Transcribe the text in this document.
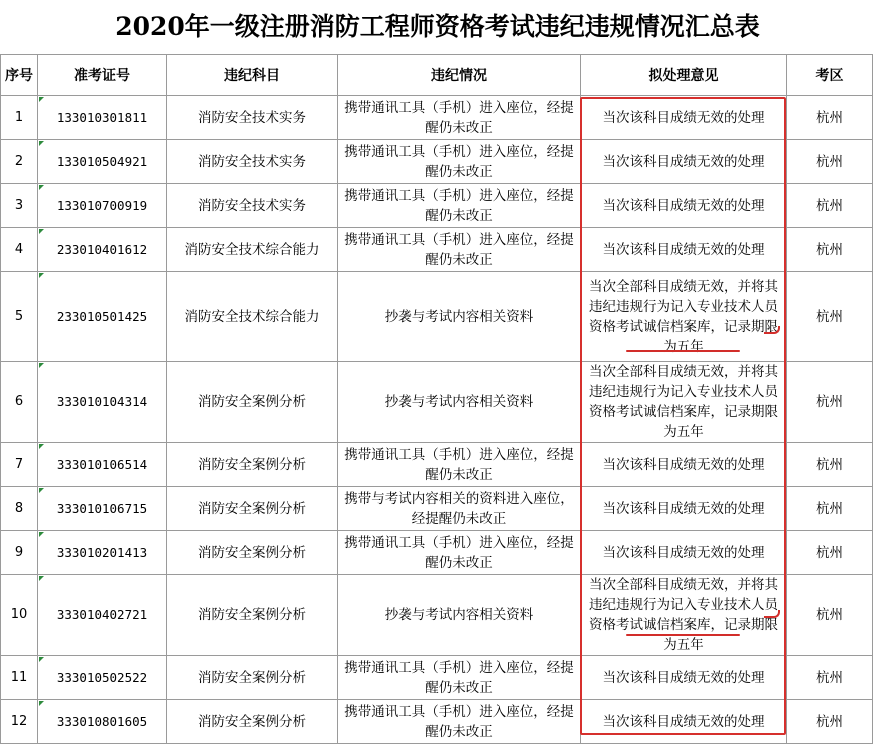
2020年一级注册消防工程师资格考试违纪违规情况汇总表
序号	准考证号	违纪科目	违纪情况	拟处理意见	考区
1	133010301811	消防安全技术实务	携带通讯工具（手机）进入座位，经提醒仍未改正	当次该科目成绩无效的处理	杭州
2	133010504921	消防安全技术实务	携带通讯工具（手机）进入座位，经提醒仍未改正	当次该科目成绩无效的处理	杭州
3	133010700919	消防安全技术实务	携带通讯工具（手机）进入座位，经提醒仍未改正	当次该科目成绩无效的处理	杭州
4	233010401612	消防安全技术综合能力	携带通讯工具（手机）进入座位，经提醒仍未改正	当次该科目成绩无效的处理	杭州
5	233010501425	消防安全技术综合能力	抄袭与考试内容相关资料	当次全部科目成绩无效，并将其违纪违规行为记入专业技术人员资格考试诚信档案库，记录期限为五年	杭州
6	333010104314	消防安全案例分析	抄袭与考试内容相关资料	当次全部科目成绩无效，并将其违纪违规行为记入专业技术人员资格考试诚信档案库，记录期限为五年	杭州
7	333010106514	消防安全案例分析	携带通讯工具（手机）进入座位，经提醒仍未改正	当次该科目成绩无效的处理	杭州
8	333010106715	消防安全案例分析	携带与考试内容相关的资料进入座位，经提醒仍未改正	当次该科目成绩无效的处理	杭州
9	333010201413	消防安全案例分析	携带通讯工具（手机）进入座位，经提醒仍未改正	当次该科目成绩无效的处理	杭州
10	333010402721	消防安全案例分析	抄袭与考试内容相关资料	当次全部科目成绩无效，并将其违纪违规行为记入专业技术人员资格考试诚信档案库，记录期限为五年	杭州
11	333010502522	消防安全案例分析	携带通讯工具（手机）进入座位，经提醒仍未改正	当次该科目成绩无效的处理	杭州
12	333010801605	消防安全案例分析	携带通讯工具（手机）进入座位，经提醒仍未改正	当次该科目成绩无效的处理	杭州
